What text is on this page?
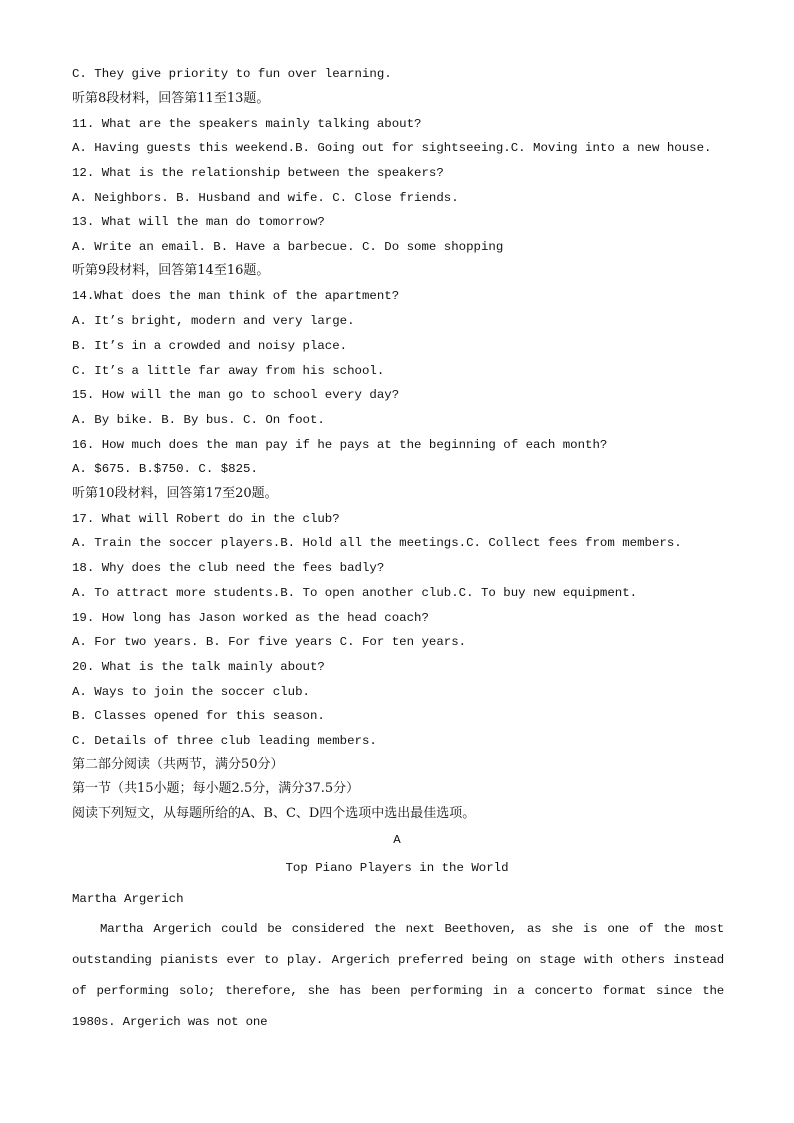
C. They give priority to fun over learning.
听第8段材料，回答第11至13题。
11. What are the speakers mainly talking about?
A. Having guests this weekend.B. Going out for sightseeing.C. Moving into a new house.
12. What is the relationship between the speakers?
A. Neighbors. B. Husband and wife. C. Close friends.
13. What will the man do tomorrow?
A. Write an email. B. Have a barbecue. C. Do some shopping
听第9段材料，回答第14至16题。
14.What does the man think of the apartment?
A. It’s bright, modern and very large.
B. It’s in a crowded and noisy place.
C. It’s a little far away from his school.
15. How will the man go to school every day?
A. By bike. B. By bus. C. On foot.
16. How much does the man pay if he pays at the beginning of each month?
A. $675. B.$750. C. $825.
听第10段材料，回答第17至20题。
17. What will Robert do in the club?
A. Train the soccer players.B. Hold all the meetings.C. Collect fees from members.
18. Why does the club need the fees badly?
A. To attract more students.B. To open another club.C. To buy new equipment.
19. How long has Jason worked as the head coach?
A. For two years. B. For five years C. For ten years.
20. What is the talk mainly about?
A. Ways to join the soccer club.
B. Classes opened for this season.
C. Details of three club leading members.
第二部分阅读（共两节，满分50分）
第一节（共15小题；每小题2.5分，满分37.5分）
阅读下列短文，从每题所给的A、B、C、D四个选项中选出最佳选项。
A
Top Piano Players in the World
Martha Argerich
Martha Argerich could be considered the next Beethoven, as she is one of the most outstanding pianists ever to play. Argerich preferred being on stage with others instead of performing solo; therefore, she has been performing in a concerto format since the 1980s. Argerich was not one
